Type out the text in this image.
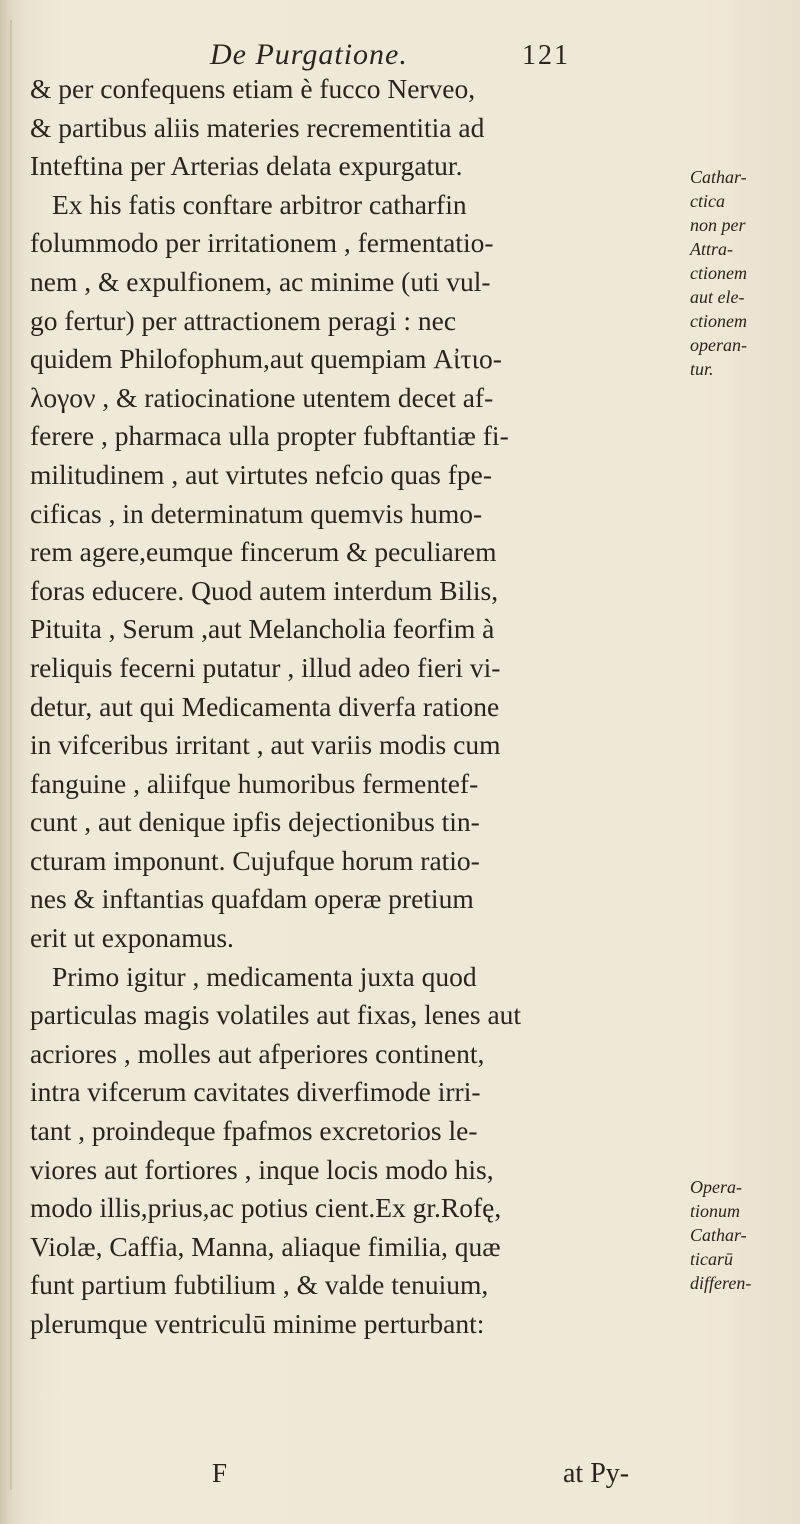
De Purgatione.	121
& per confequens etiam è fucco Nerveo,
& partibus aliis materies recrementitia ad
Inteftina per Arterias delata expurgatur.
Ex his fatis conftare arbitror catharfin
folummodo per irritationem , fermentatio-
nem , & expulfionem, ac minime (uti vul-
go fertur) per attractionem peragi : nec
quidem Philofophum,aut quempiam Αἰτιο-
λογον , & ratiocinatione utentem decet af-
ferere , pharmaca ulla propter fubftantiæ fi-
militudinem , aut virtutes nefcio quas fpe-
cificas , in determinatum quemvis humo-
rem agere,eumque fincerum & peculiarem
foras educere. Quod autem interdum Bilis,
Pituita , Serum ,aut Melancholia feorfim à
reliquis fecerni putatur , illud adeo fieri vi-
detur, aut qui Medicamenta diverfa ratione
in vifceribus irritant , aut variis modis cum
fanguine , aliifque humoribus fermentef-
cunt , aut denique ipfis dejectionibus tin-
cturam imponunt. Cujufque horum ratio-
nes & inftantias quafdam operæ pretium
erit ut exponamus.
Primo igitur , medicamenta juxta quod
particulas magis volatiles aut fixas, lenes aut
acriores , molles aut afperiores continent,
intra vifcerum cavitates diverfimode irri-
tant , proindeque fpafmos excretorios le-
viores aut fortiores , inque locis modo his,
modo illis,prius,ac potius cient.Ex gr.Rofę,
Violæ, Caffia, Manna, aliaque fimilia, quæ
funt partium fubtilium , & valde tenuium,
plerumque ventriculū minime perturbant:
Cathar-
ctica
non per
Attra-
ctionem
aut ele-
ctionem
operan-
tur.
Opera-
tionum
Cathar-
ticarū
differen-
F	at Py-
